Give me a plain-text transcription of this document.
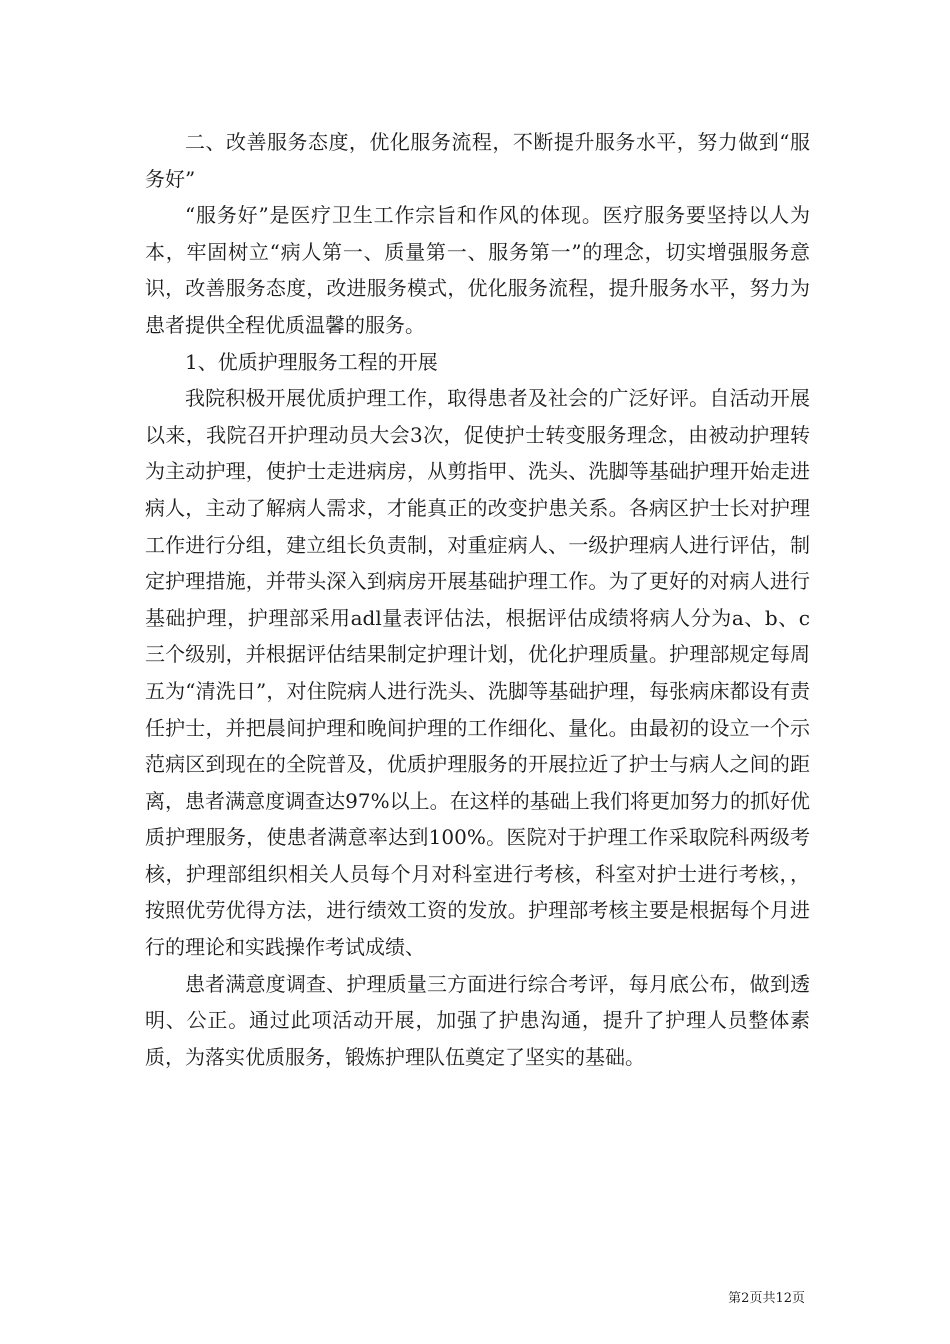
二、改善服务态度，优化服务流程，不断提升服务水平，努力做到“服务好”

“服务好”是医疗卫生工作宗旨和作风的体现。医疗服务要坚持以人为本，牢固树立“病人第一、质量第一、服务第一”的理念，切实增强服务意识，改善服务态度，改进服务模式，优化服务流程，提升服务水平，努力为患者提供全程优质温馨的服务。

1、优质护理服务工程的开展

我院积极开展优质护理工作，取得患者及社会的广泛好评。自活动开展以来，我院召开护理动员大会3次，促使护士转变服务理念，由被动护理转为主动护理，使护士走进病房，从剪指甲、洗头、洗脚等基础护理开始走进病人，主动了解病人需求，才能真正的改变护患关系。各病区护士长对护理工作进行分组，建立组长负责制，对重症病人、一级护理病人进行评估，制定护理措施，并带头深入到病房开展基础护理工作。为了更好的对病人进行基础护理，护理部采用adl量表评估法，根据评估成绩将病人分为a、b、c三个级别，并根据评估结果制定护理计划，优化护理质量。护理部规定每周五为“清洗日”，对住院病人进行洗头、洗脚等基础护理，每张病床都设有责任护士，并把晨间护理和晚间护理的工作细化、量化。由最初的设立一个示范病区到现在的全院普及，优质护理服务的开展拉近了护士与病人之间的距离，患者满意度调查达97%以上。在这样的基础上我们将更加努力的抓好优质护理服务，使患者满意率达到100%。医院对于护理工作采取院科两级考核，护理部组织相关人员每个月对科室进行考核，科室对护士进行考核，，按照优劳优得方法，进行绩效工资的发放。护理部考核主要是根据每个月进行的理论和实践操作考试成绩、

患者满意度调查、护理质量三方面进行综合考评，每月底公布，做到透明、公正。通过此项活动开展，加强了护患沟通，提升了护理人员整体素质，为落实优质服务，锻炼护理队伍奠定了坚实的基础。

第2页共12页
